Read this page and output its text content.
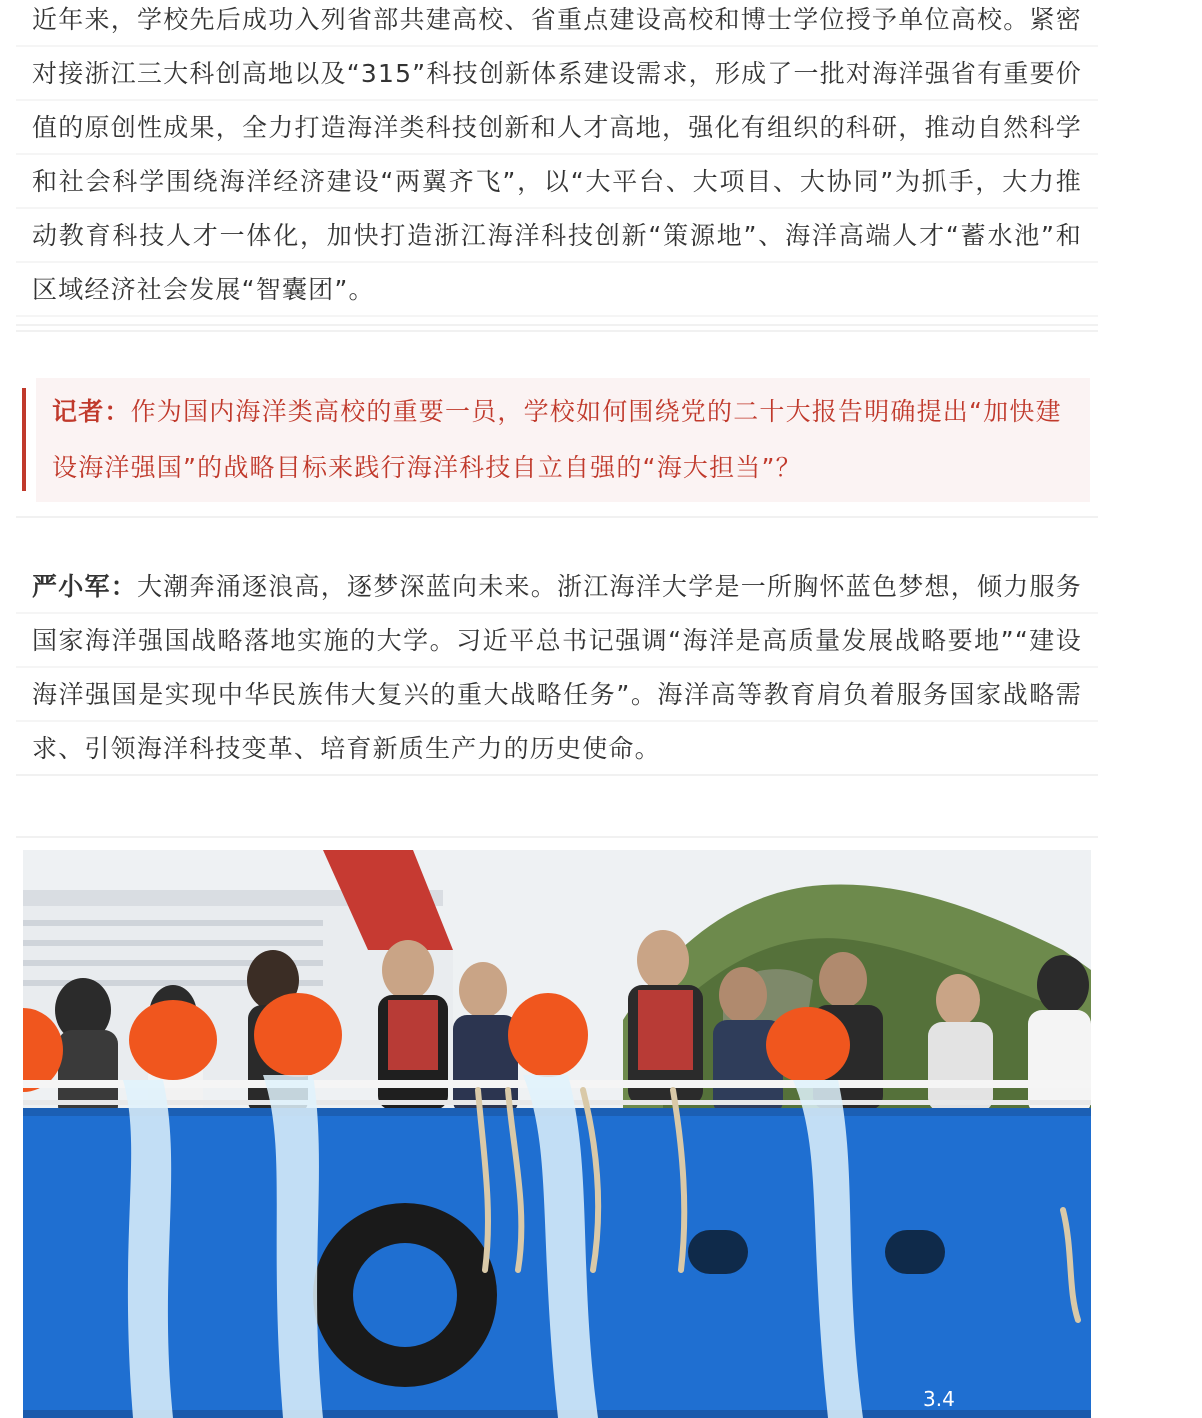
近年来，学校先后成功入列省部共建高校、省重点建设高校和博士学位授予单位高校。紧密对接浙江三大科创高地以及“315”科技创新体系建设需求，形成了一批对海洋强省有重要价值的原创性成果，全力打造海洋类科技创新和人才高地，强化有组织的科研，推动自然科学和社会科学围绕海洋经济建设“两翼齐飞”，以“大平台、大项目、大协同”为抓手，大力推动教育科技人才一体化，加快打造浙江海洋科技创新“策源地”、海洋高端人才“蓄水池”和区域经济社会发展“智囊团”。

记者：作为国内海洋类高校的重要一员，学校如何围绕党的二十大报告明确提出“加快建设海洋强国”的战略目标来践行海洋科技自立自强的“海大担当”？

严小军：大潮奔涌逐浪高，逐梦深蓝向未来。浙江海洋大学是一所胸怀蓝色梦想，倾力服务国家海洋强国战略落地实施的大学。习近平总书记强调“海洋是高质量发展战略要地”“建设海洋强国是实现中华民族伟大复兴的重大战略任务”。海洋高等教育肩负着服务国家战略需求、引领海洋科技变革、培育新质生产力的历史使命。

3.4
